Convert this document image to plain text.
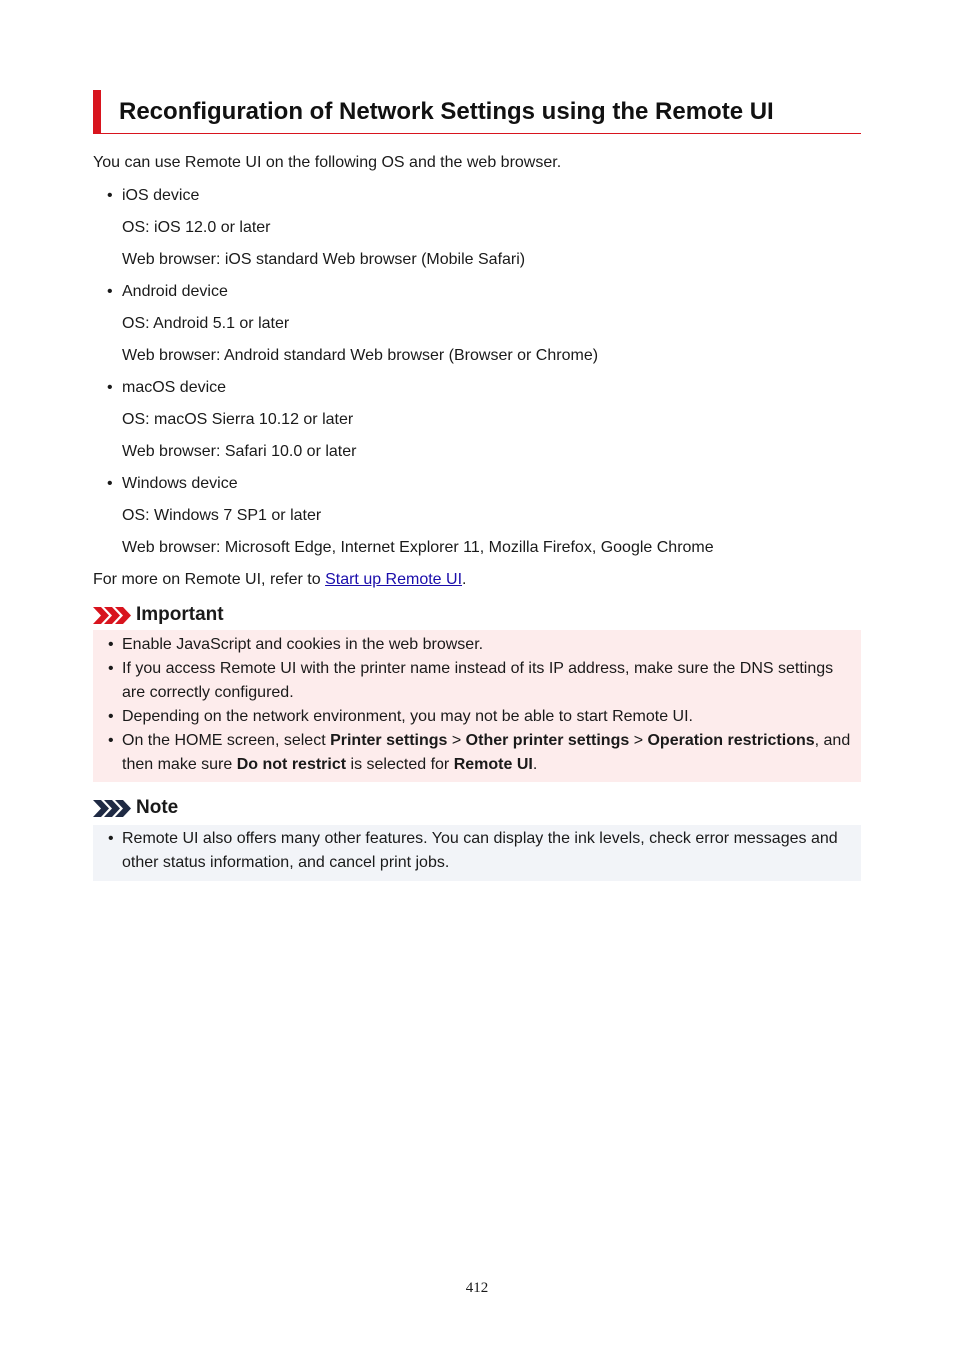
Reconfiguration of Network Settings using the Remote UI
You can use Remote UI on the following OS and the web browser.
• iOS device
OS: iOS 12.0 or later
Web browser: iOS standard Web browser (Mobile Safari)
• Android device
OS: Android 5.1 or later
Web browser: Android standard Web browser (Browser or Chrome)
• macOS device
OS: macOS Sierra 10.12 or later
Web browser: Safari 10.0 or later
• Windows device
OS: Windows 7 SP1 or later
Web browser: Microsoft Edge, Internet Explorer 11, Mozilla Firefox, Google Chrome
For more on Remote UI, refer to Start up Remote UI.
Important
• Enable JavaScript and cookies in the web browser.
• If you access Remote UI with the printer name instead of its IP address, make sure the DNS settings
are correctly configured.
• Depending on the network environment, you may not be able to start Remote UI.
• On the HOME screen, select Printer settings > Other printer settings > Operation restrictions, and
then make sure Do not restrict is selected for Remote UI.
Note
• Remote UI also offers many other features. You can display the ink levels, check error messages and
other status information, and cancel print jobs.
412
